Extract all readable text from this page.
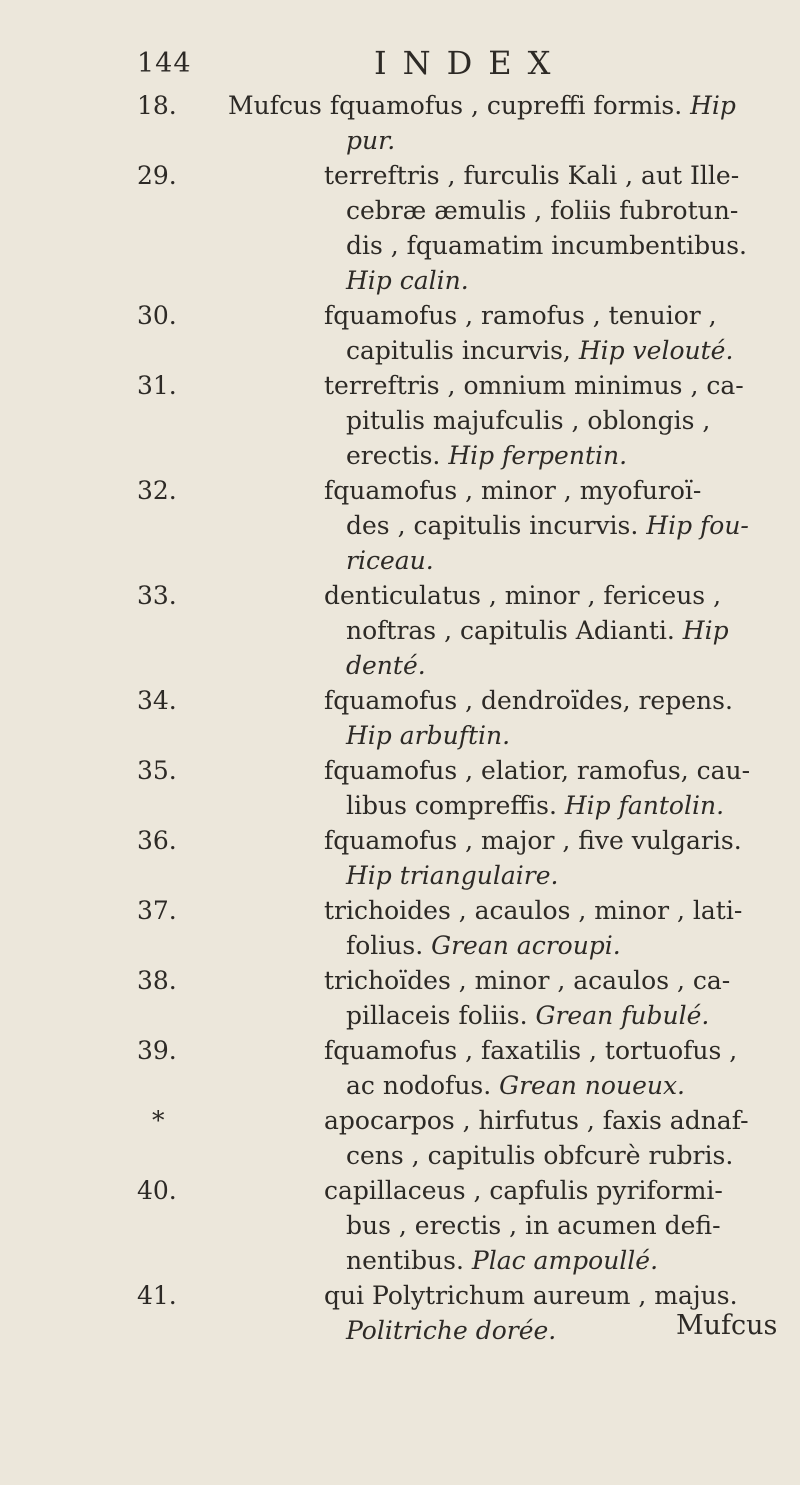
144	INDEX
18. Mufcus fquamofus , cupreffi formis. Hip
pur.
29.	terreftris , furculis Kali , aut Ille-
cebræ æmulis , foliis fubrotun-
dis , fquamatim incumbentibus.
Hip calin.
30.	fquamofus , ramofus , tenuior ,
capitulis incurvis, Hip velouté.
31.	terreftris , omnium minimus , ca-
pitulis majufculis , oblongis ,
erectis. Hip ferpentin.
32.	fquamofus , minor , myofuroï-
des , capitulis incurvis. Hip fou-
riceau.
33.	denticulatus , minor , fericeus ,
noftras , capitulis Adianti. Hip
denté.
34.	fquamofus , dendroïdes, repens.
Hip arbuftin.
35.	fquamofus , elatior, ramofus, cau-
libus compreffis. Hip fantolin.
36.	fquamofus , major , five vulgaris.
Hip triangulaire.
37.	trichoides , acaulos , minor , lati-
folius. Grean acroupi.
38.	trichoïdes , minor , acaulos , ca-
pillaceis foliis. Grean fubulé.
39.	fquamofus , faxatilis , tortuofus ,
ac nodofus. Grean noueux.
*	apocarpos , hirfutus , faxis adnaf-
cens , capitulis obfcurè rubris.
40.	capillaceus , capfulis pyriformi-
bus , erectis , in acumen defi-
nentibus. Plac ampoullé.
41.	qui Polytrichum aureum , majus.
Politriche dorée.	Mufcus
